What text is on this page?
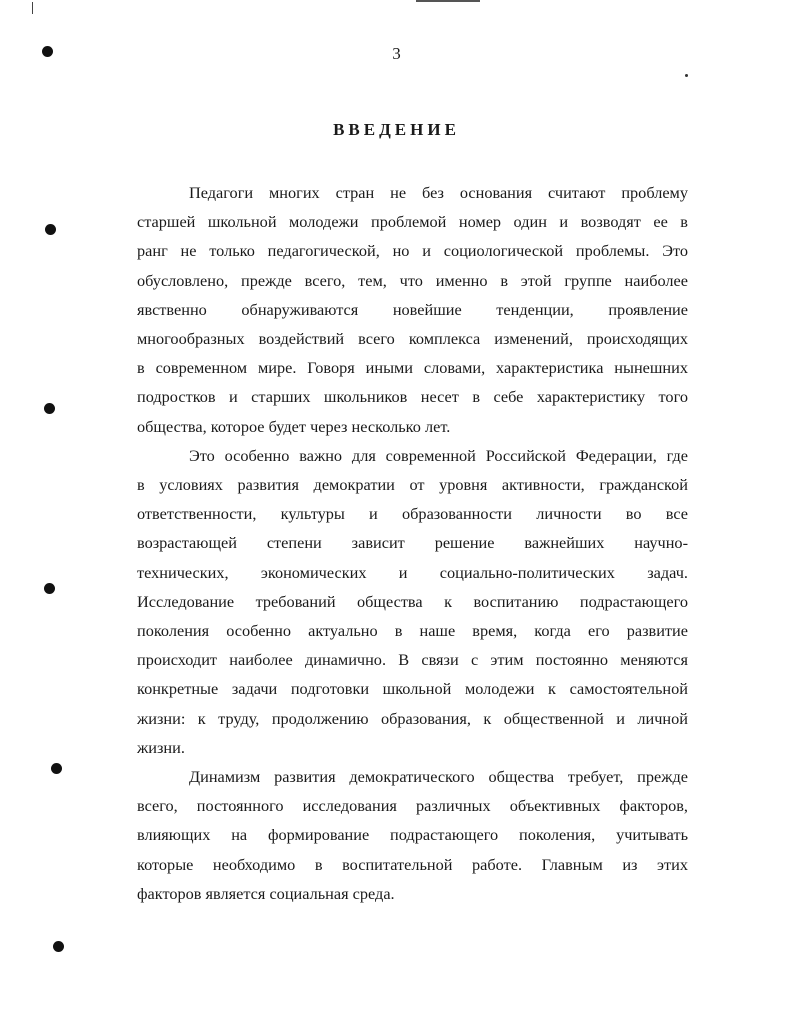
3
ВВЕДЕНИЕ

Педагоги многих стран не без основания считают проблему
старшей школьной молодежи проблемой номер один и возводят ее в
ранг не только педагогической, но и социологической проблемы. Это
обусловлено, прежде всего, тем, что именно в этой группе наиболее
явственно обнаруживаются новейшие тенденции, проявление
многообразных воздействий всего комплекса изменений, происходящих
в современном мире. Говоря иными словами, характеристика нынешних
подростков и старших школьников несет в себе характеристику того
общества, которое будет через несколько лет.

Это особенно важно для современной Российской Федерации, где
в условиях развития демократии от уровня активности, гражданской
ответственности, культуры и образованности личности во все
возрастающей степени зависит решение важнейших научно-
технических, экономических и социально-политических задач.
Исследование требований общества к воспитанию подрастающего
поколения особенно актуально в наше время, когда его развитие
происходит наиболее динамично. В связи с этим постоянно меняются
конкретные задачи подготовки школьной молодежи к самостоятельной
жизни: к труду, продолжению образования, к общественной и личной
жизни.

Динамизм развития демократического общества требует, прежде
всего, постоянного исследования различных объективных факторов,
влияющих на формирование подрастающего поколения, учитывать
которые необходимо в воспитательной работе. Главным из этих
факторов является социальная среда.
